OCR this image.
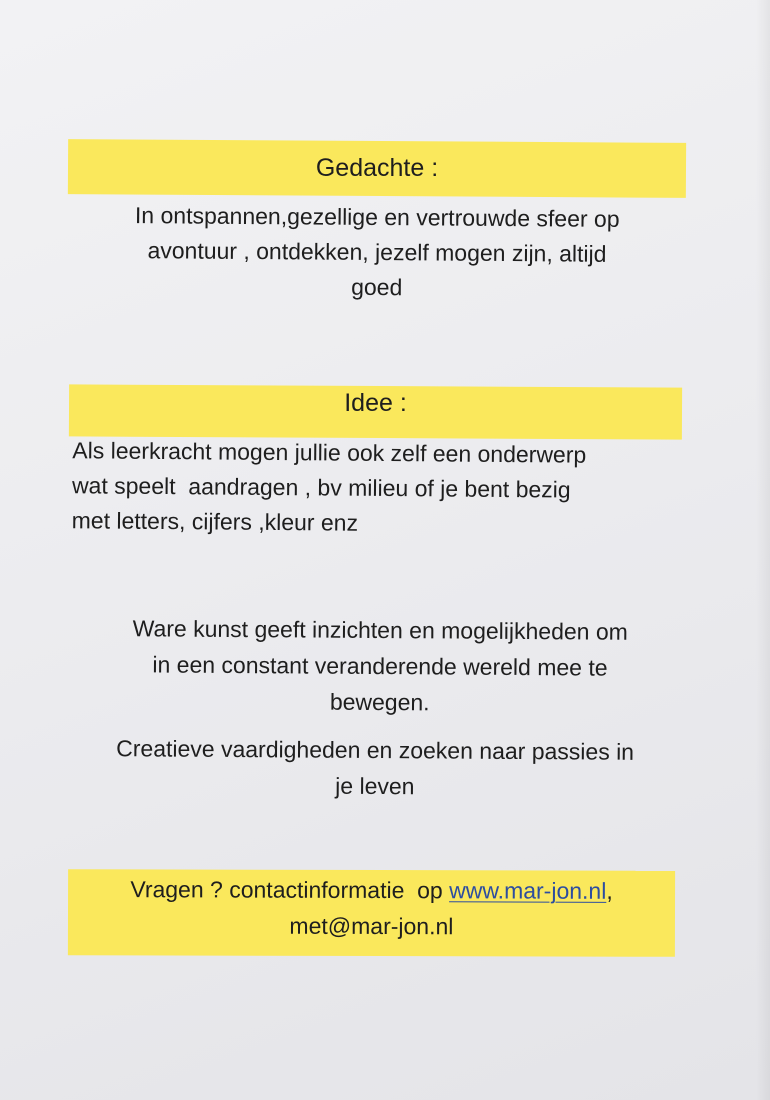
Gedachte :

In ontspannen,gezellige en vertrouwde sfeer op
avontuur , ontdekken, jezelf mogen zijn, altijd
goed

Idee :

Als leerkracht mogen jullie ook zelf een onderwerp
wat speelt  aandragen , bv milieu of je bent bezig
met letters, cijfers ,kleur enz

Ware kunst geeft inzichten en mogelijkheden om
in een constant veranderende wereld mee te
bewegen.

Creatieve vaardigheden en zoeken naar passies in
je leven

Vragen ? contactinformatie  op www.mar-jon.nl,
met@mar-jon.nl
